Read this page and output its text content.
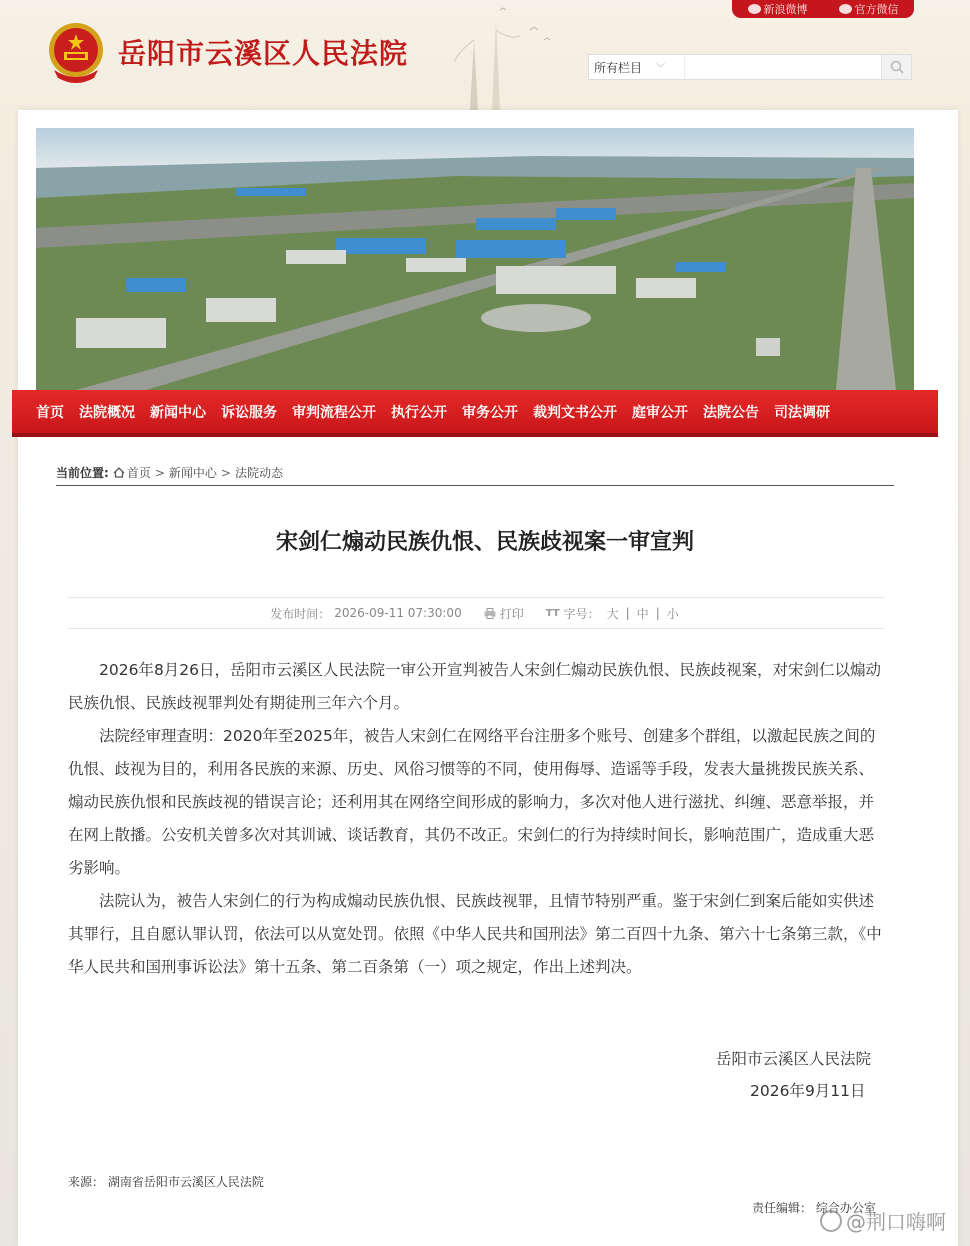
新浪微博	官方微信
岳阳市云溪区人民法院	所有栏目 ﹀
首页 法院概况 新闻中心 诉讼服务 审判流程公开 执行公开 审务公开 裁判文书公开 庭审公开 法院公告 司法调研
当前位置: 首页 > 新闻中心 > 法院动态
宋剑仁煽动民族仇恨、民族歧视案一审宣判
发布时间： 2026-09-11 07:30:00	打印 TT 字号： 大 | 中 | 小

2026年8月26日，岳阳市云溪区人民法院一审公开宣判被告人宋剑仁煽动民族仇恨、民族歧视案，对宋剑仁以煽动民族仇恨、民族歧视罪判处有期徒刑三年六个月。

法院经审理查明：2020年至2025年，被告人宋剑仁在网络平台注册多个账号、创建多个群组，以激起民族之间的仇恨、歧视为目的，利用各民族的来源、历史、风俗习惯等的不同，使用侮辱、造谣等手段，发表大量挑拨民族关系、煽动民族仇恨和民族歧视的错误言论；还利用其在网络空间形成的影响力，多次对他人进行滋扰、纠缠、恶意举报，并在网上散播。公安机关曾多次对其训诫、谈话教育，其仍不改正。宋剑仁的行为持续时间长，影响范围广，造成重大恶劣影响。

法院认为，被告人宋剑仁的行为构成煽动民族仇恨、民族歧视罪，且情节特别严重。鉴于宋剑仁到案后能如实供述其罪行，且自愿认罪认罚，依法可以从宽处罚。依照《中华人民共和国刑法》第二百四十九条、第六十七条第三款，《中华人民共和国刑事诉讼法》第十五条、第二百条第（一）项之规定，作出上述判决。

岳阳市云溪区人民法院
2026年9月11日
来源： 湖南省岳阳市云溪区人民法院
责任编辑： 综合办公室
@荆口嗨啊
